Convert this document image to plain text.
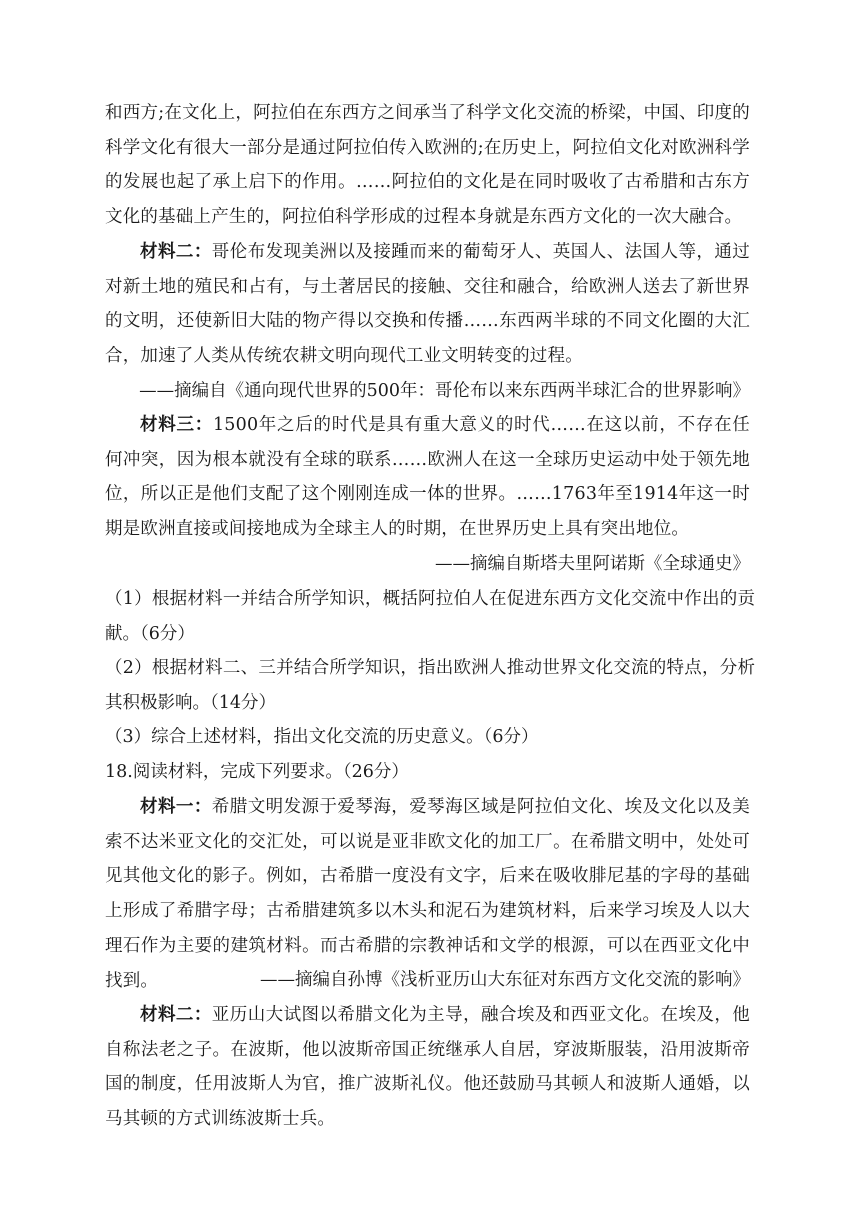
和西方;在文化上，阿拉伯在东西方之间承当了科学文化交流的桥梁，中国、印度的科学文化有很大一部分是通过阿拉伯传入欧洲的;在历史上，阿拉伯文化对欧洲科学的发展也起了承上启下的作用。……阿拉伯的文化是在同时吸收了古希腊和古东方文化的基础上产生的，阿拉伯科学形成的过程本身就是东西方文化的一次大融合。
材料二：哥伦布发现美洲以及接踵而来的葡萄牙人、英国人、法国人等，通过对新土地的殖民和占有，与土著居民的接触、交往和融合，给欧洲人送去了新世界的文明，还使新旧大陆的物产得以交换和传播……东西两半球的不同文化圈的大汇合，加速了人类从传统农耕文明向现代工业文明转变的过程。
——摘编自《通向现代世界的500年：哥伦布以来东西两半球汇合的世界影响》
材料三：1500年之后的时代是具有重大意义的时代……在这以前，不存在任何冲突，因为根本就没有全球的联系……欧洲人在这一全球历史运动中处于领先地位，所以正是他们支配了这个刚刚连成一体的世界。……1763年至1914年这一时期是欧洲直接或间接地成为全球主人的时期，在世界历史上具有突出地位。
——摘编自斯塔夫里阿诺斯《全球通史》
（1）根据材料一并结合所学知识，概括阿拉伯人在促进东西方文化交流中作出的贡献。（6分）
（2）根据材料二、三并结合所学知识，指出欧洲人推动世界文化交流的特点，分析其积极影响。（14分）
（3）综合上述材料，指出文化交流的历史意义。（6分）
18.阅读材料，完成下列要求。（26分）
材料一：希腊文明发源于爱琴海，爱琴海区域是阿拉伯文化、埃及文化以及美索不达米亚文化的交汇处，可以说是亚非欧文化的加工厂。在希腊文明中，处处可见其他文化的影子。例如，古希腊一度没有文字，后来在吸收腓尼基的字母的基础上形成了希腊字母；古希腊建筑多以木头和泥石为建筑材料，后来学习埃及人以大理石作为主要的建筑材料。而古希腊的宗教神话和文学的根源，可以在西亚文化中找到。	——摘编自孙博《浅析亚历山大东征对东西方文化交流的影响》
材料二：亚历山大试图以希腊文化为主导，融合埃及和西亚文化。在埃及，他自称法老之子。在波斯，他以波斯帝国正统继承人自居，穿波斯服装，沿用波斯帝国的制度，任用波斯人为官，推广波斯礼仪。他还鼓励马其顿人和波斯人通婚，以马其顿的方式训练波斯士兵。
